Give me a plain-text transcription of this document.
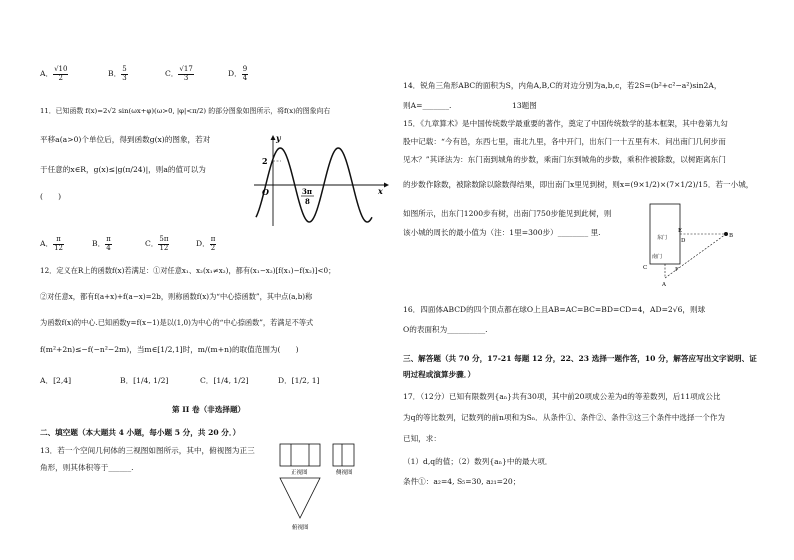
A． $\frac{√10}{2}$	B． $\frac{5}{3}$	C． $\frac{√17}{3}$	D． $\frac{9}{4}$
11．已知函数 f(x)=2√2 sin(ωx+φ)(ω>0, |φ|<π/2) 的部分图象如图所示，将f(x)的图象向右
平移a(a>0)个单位后，得到函数g(x)的图象，若对
于任意的x∈R，g(x)≤|g(π/24)|，则a的值可以为
(　　)
2
y
x
O	3π
8
A． $\frac{\pi}{12}$	B． $\frac{\pi}{4}$	C． $\frac{5\pi}{12}$	D． $\frac{\pi}{2}$
12．定义在R上的函数f(x)若满足：①对任意x₁、x₂(x₁≠x₂)，都有(x₁−x₂)[f(x₁)−f(x₂)]<0；
②对任意x，都有f(a+x)+f(a−x)=2b，则称函数f(x)为“中心捺函数”，其中点(a,b)称
为函数f(x)的中心.已知函数y=f(x−1)是以(1,0)为中心的“中心捺函数”，若满足不等式
f(m²+2n)≤−f(−n²−2m)，当m∈[1/2,1]时，m/(m+n)的取值范围为(　　)
A．[2,4]	B．[1/4, 1/2]	C．[1/4, 1/2]	D．[1/2, 1]
第 II 卷（非选择题）
二、填空题（本大题共 4 小题，每小题 5 分，共 20 分．）
13．若一个空间几何体的三视图如图所示，其中，俯视图为正三
角形，则其体积等于______.
正视图	侧视图
俯视图
14．锐角三角形ABC的面积为S，内角A,B,C的对边分别为a,b,c，若2S=(b²+c²−a²)sin2A，
则A=_______.	13题图
15．《九章算术》是中国传统数学最重要的著作，奠定了中国传统数学的基本框架，其中卷第九勾
股中记载：“今有邑，东西七里，南北九里，各中开门，出东门一十五里有木．问出南门几何步而
见木？”其译法为：东门南到城角的步数，乘南门东到城角的步数，乘积作被除数，以树距离东门
的步数作除数，被除数除以除数得结果，即出南门x里见到树，则x=(9×1/2)×(7×1/2)/15．若一小城，
如图所示，出东门1200步有树，出南门750步能见到此树，则
该小城的周长的最小值为（注：1里=300步）________ 里.	E
D
B
东门
南门
C	F
A
16．四面体ABCD的四个顶点都在球O上且AB=AC=BC=BD=CD=4，AD=2√6，则球
O的表面积为__________.
三、解答题（共 70 分，17-21 每题 12 分，22、23 选择一题作答，10 分，解答应写出文字说明、证
明过程或演算步骤．）
17．（12分）已知有限数列{aₙ}共有30项，其中前20项成公差为d的等差数列，后11项成公比
为q的等比数列，记数列的前n项和为Sₙ．从条件①、条件②、条件③这三个条件中选择一个作为
已知，求：
（1）d,q的值；（2）数列{aₙ}中的最大项．
条件①：a₂=4, S₅=30, a₂₁=20；
